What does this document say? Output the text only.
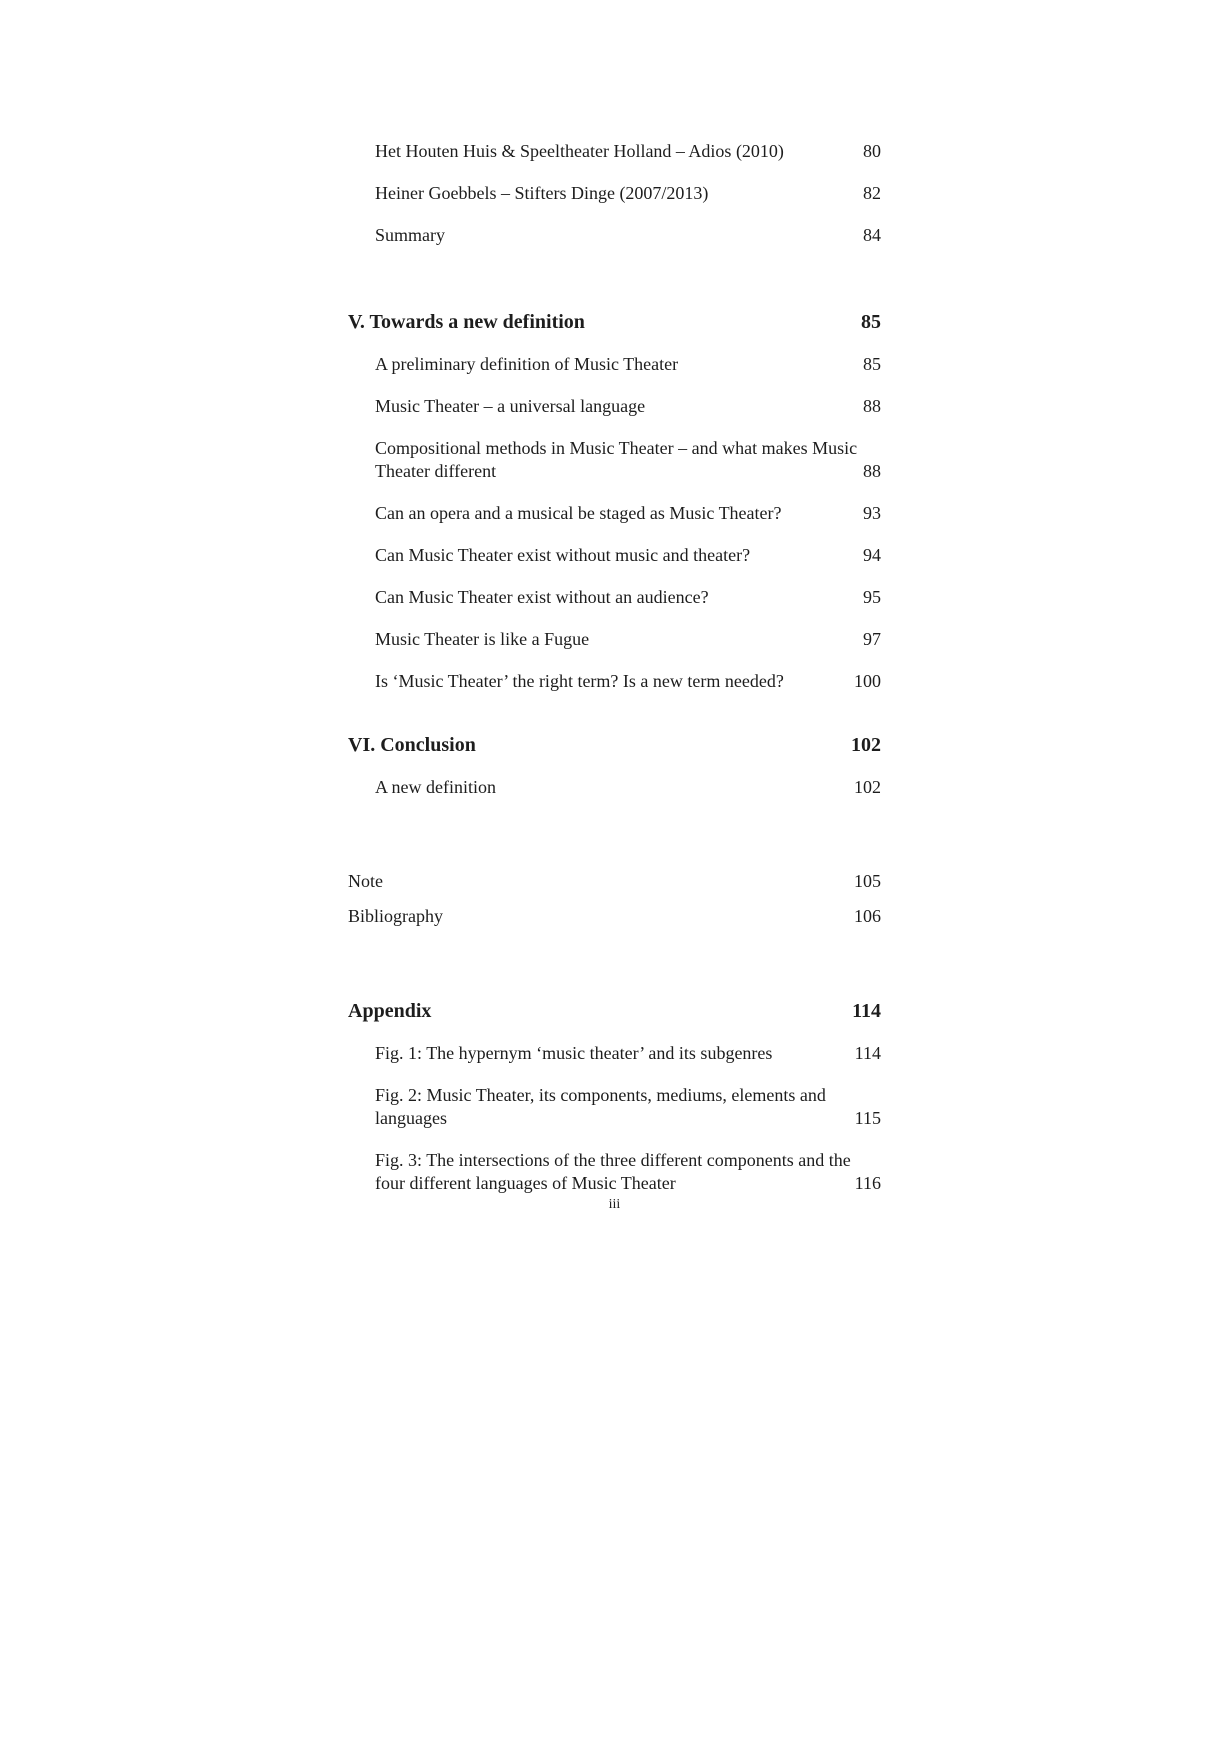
Het Houten Huis & Speeltheater Holland – Adios (2010)	80
Heiner Goebbels – Stifters Dinge (2007/2013)	82
Summary	84
V. Towards a new definition	85
A preliminary definition of Music Theater	85
Music Theater – a universal language	88
Compositional methods in Music Theater – and what makes Music Theater different	88
Can an opera and a musical be staged as Music Theater?	93
Can Music Theater exist without music and theater?	94
Can Music Theater exist without an audience?	95
Music Theater is like a Fugue	97
Is ‘Music Theater’ the right term? Is a new term needed?	100
VI. Conclusion	102
A new definition	102
Note	105
Bibliography	106
Appendix	114
Fig. 1: The hypernym ‘music theater’ and its subgenres	114
Fig. 2: Music Theater, its components, mediums, elements and languages	115
Fig. 3: The intersections of the three different components and the four different languages of Music Theater	116
iii
